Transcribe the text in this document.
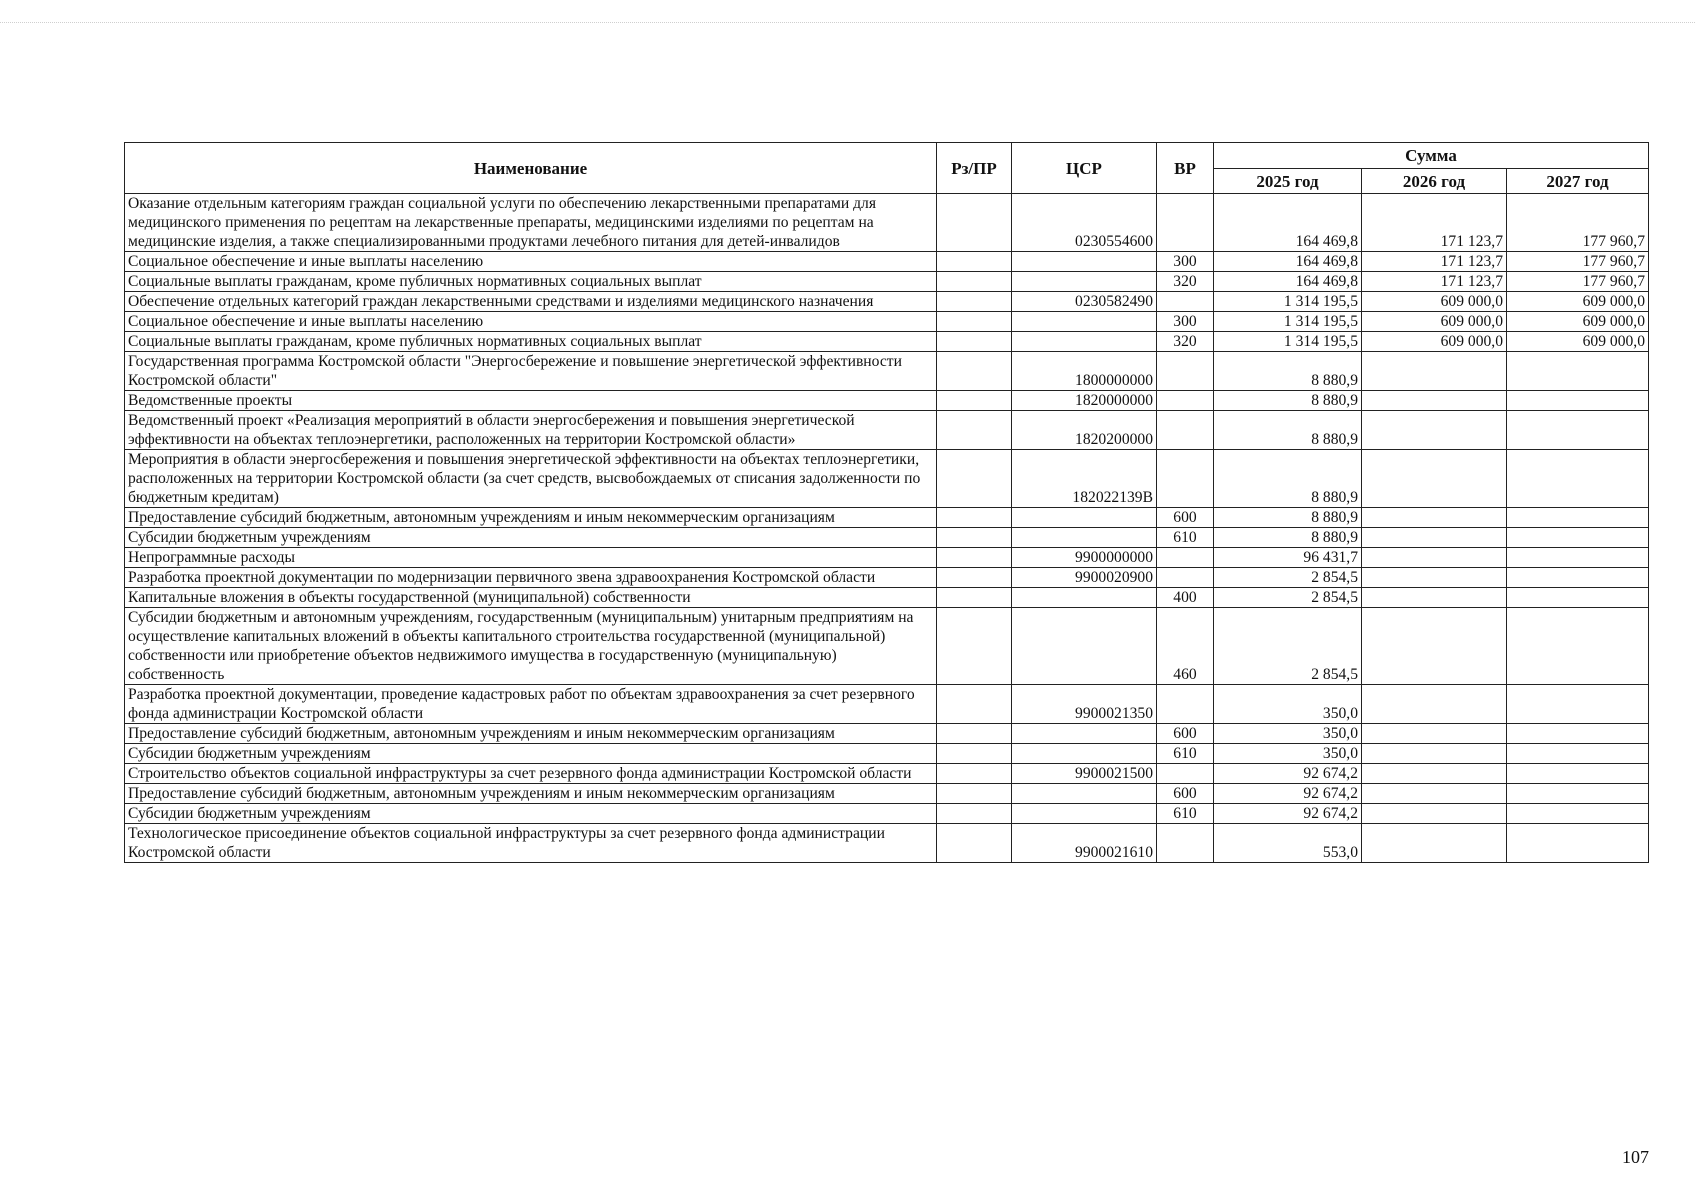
Наименование	Рз/ПР	ЦСР	ВР	Сумма		
				2025 год	2026 год	2027 год
Оказание отдельным категориям граждан социальной услуги по обеспечению лекарственными препаратами для медицинского применения по рецептам на лекарственные препараты, медицинскими изделиями по рецептам на медицинские изделия, а также специализированными продуктами лечебного питания для детей-инвалидов		0230554600		164 469,8	171 123,7	177 960,7
Социальное обеспечение и иные выплаты населению			300	164 469,8	171 123,7	177 960,7
Социальные выплаты гражданам, кроме публичных нормативных социальных выплат			320	164 469,8	171 123,7	177 960,7
Обеспечение отдельных категорий граждан лекарственными средствами и изделиями медицинского назначения		0230582490		1 314 195,5	609 000,0	609 000,0
Социальное обеспечение и иные выплаты населению			300	1 314 195,5	609 000,0	609 000,0
Социальные выплаты гражданам, кроме публичных нормативных социальных выплат			320	1 314 195,5	609 000,0	609 000,0
Государственная программа Костромской области "Энергосбережение и повышение энергетической эффективности Костромской области"		1800000000		8 880,9		
Ведомственные проекты		1820000000		8 880,9		
Ведомственный проект «Реализация мероприятий в области энергосбережения и повышения энергетической эффективности на объектах теплоэнергетики, расположенных на территории Костромской области»		1820200000		8 880,9		
Мероприятия в области энергосбережения и повышения энергетической эффективности на объектах теплоэнергетики, расположенных на территории Костромской области (за счет средств, высвобождаемых от списания задолженности по бюджетным кредитам)		182022139В		8 880,9		
Предоставление субсидий бюджетным, автономным учреждениям и иным некоммерческим организациям			600	8 880,9		
Субсидии бюджетным учреждениям			610	8 880,9		
Непрограммные расходы		9900000000		96 431,7		
Разработка проектной документации по модернизации первичного звена здравоохранения Костромской области		9900020900		2 854,5		
Капитальные вложения в объекты государственной (муниципальной) собственности			400	2 854,5		
Субсидии бюджетным и автономным учреждениям, государственным (муниципальным) унитарным предприятиям на осуществление капитальных вложений в объекты капитального строительства государственной (муниципальной) собственности или приобретение объектов недвижимого имущества в государственную (муниципальную) собственность			460	2 854,5		
Разработка проектной документации, проведение кадастровых работ по объектам здравоохранения за счет резервного фонда администрации Костромской области		9900021350		350,0		
Предоставление субсидий бюджетным, автономным учреждениям и иным некоммерческим организациям			600	350,0		
Субсидии бюджетным учреждениям			610	350,0		
Строительство объектов социальной инфраструктуры за счет резервного фонда администрации Костромской области		9900021500		92 674,2		
Предоставление субсидий бюджетным, автономным учреждениям и иным некоммерческим организациям			600	92 674,2		
Субсидии бюджетным учреждениям			610	92 674,2		
Технологическое присоединение объектов социальной инфраструктуры за счет резервного фонда администрации Костромской области		9900021610		553,0		
107
